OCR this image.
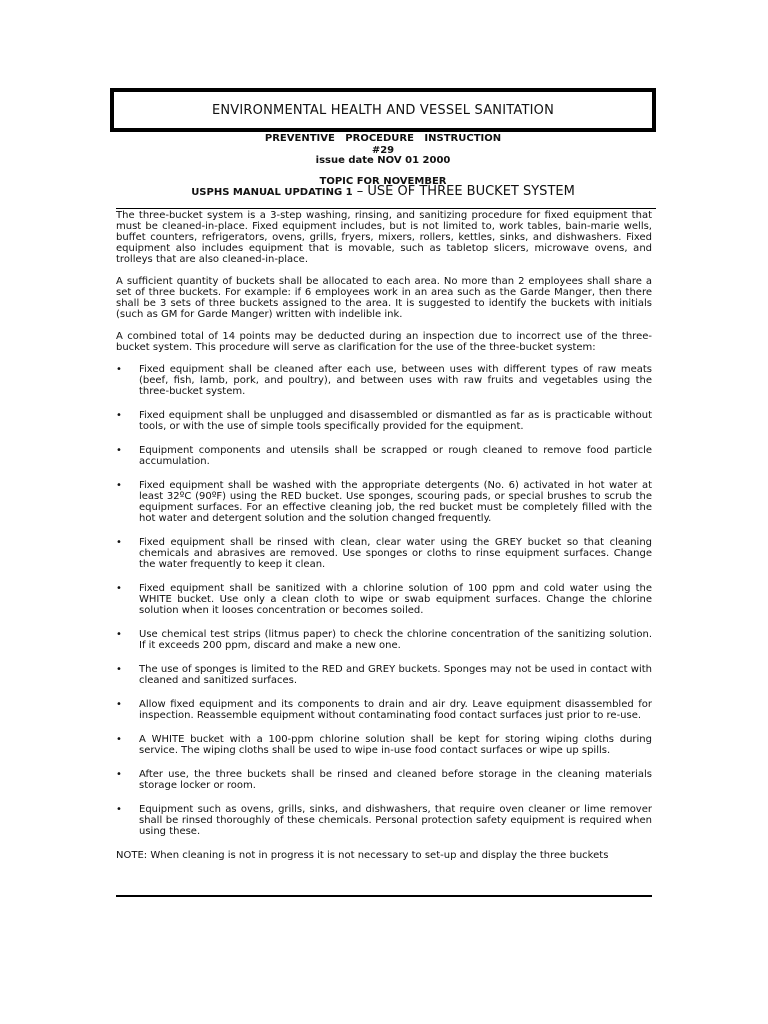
ENVIRONMENTAL HEALTH AND VESSEL SANITATION
PREVENTIVE PROCEDURE INSTRUCTION
#29
issue date NOV 01 2000
TOPIC FOR NOVEMBER
USPHS MANUAL UPDATING 1 – USE OF THREE BUCKET SYSTEM

The three-bucket system is a 3-step washing, rinsing, and sanitizing procedure for fixed equipment that must be cleaned-in-place. Fixed equipment includes, but is not limited to, work tables, bain-marie wells, buffet counters, refrigerators, ovens, grills, fryers, mixers, rollers, kettles, sinks, and dishwashers. Fixed equipment also includes equipment that is movable, such as tabletop slicers, microwave ovens, and trolleys that are also cleaned-in-place.

A sufficient quantity of buckets shall be allocated to each area. No more than 2 employees shall share a set of three buckets. For example: if 6 employees work in an area such as the Garde Manger, then there shall be 3 sets of three buckets assigned to the area. It is suggested to identify the buckets with initials (such as GM for Garde Manger) written with indelible ink.

A combined total of 14 points may be deducted during an inspection due to incorrect use of the three-bucket system. This procedure will serve as clarification for the use of the three-bucket system:

• Fixed equipment shall be cleaned after each use, between uses with different types of raw meats (beef, fish, lamb, pork, and poultry), and between uses with raw fruits and vegetables using the three-bucket system.
• Fixed equipment shall be unplugged and disassembled or dismantled as far as is practicable without tools, or with the use of simple tools specifically provided for the equipment.
• Equipment components and utensils shall be scrapped or rough cleaned to remove food particle accumulation.
• Fixed equipment shall be washed with the appropriate detergents (No. 6) activated in hot water at least 32ºC (90ºF) using the RED bucket. Use sponges, scouring pads, or special brushes to scrub the equipment surfaces. For an effective cleaning job, the red bucket must be completely filled with the hot water and detergent solution and the solution changed frequently.
• Fixed equipment shall be rinsed with clean, clear water using the GREY bucket so that cleaning chemicals and abrasives are removed. Use sponges or cloths to rinse equipment surfaces. Change the water frequently to keep it clean.
• Fixed equipment shall be sanitized with a chlorine solution of 100 ppm and cold water using the WHITE bucket. Use only a clean cloth to wipe or swab equipment surfaces. Change the chlorine solution when it looses concentration or becomes soiled.
• Use chemical test strips (litmus paper) to check the chlorine concentration of the sanitizing solution. If it exceeds 200 ppm, discard and make a new one.
• The use of sponges is limited to the RED and GREY buckets. Sponges may not be used in contact with cleaned and sanitized surfaces.
• Allow fixed equipment and its components to drain and air dry. Leave equipment disassembled for inspection. Reassemble equipment without contaminating food contact surfaces just prior to re-use.
• A WHITE bucket with a 100-ppm chlorine solution shall be kept for storing wiping cloths during service. The wiping cloths shall be used to wipe in-use food contact surfaces or wipe up spills.
• After use, the three buckets shall be rinsed and cleaned before storage in the cleaning materials storage locker or room.
• Equipment such as ovens, grills, sinks, and dishwashers, that require oven cleaner or lime remover shall be rinsed thoroughly of these chemicals. Personal protection safety equipment is required when using these.

NOTE: When cleaning is not in progress it is not necessary to set-up and display the three buckets
